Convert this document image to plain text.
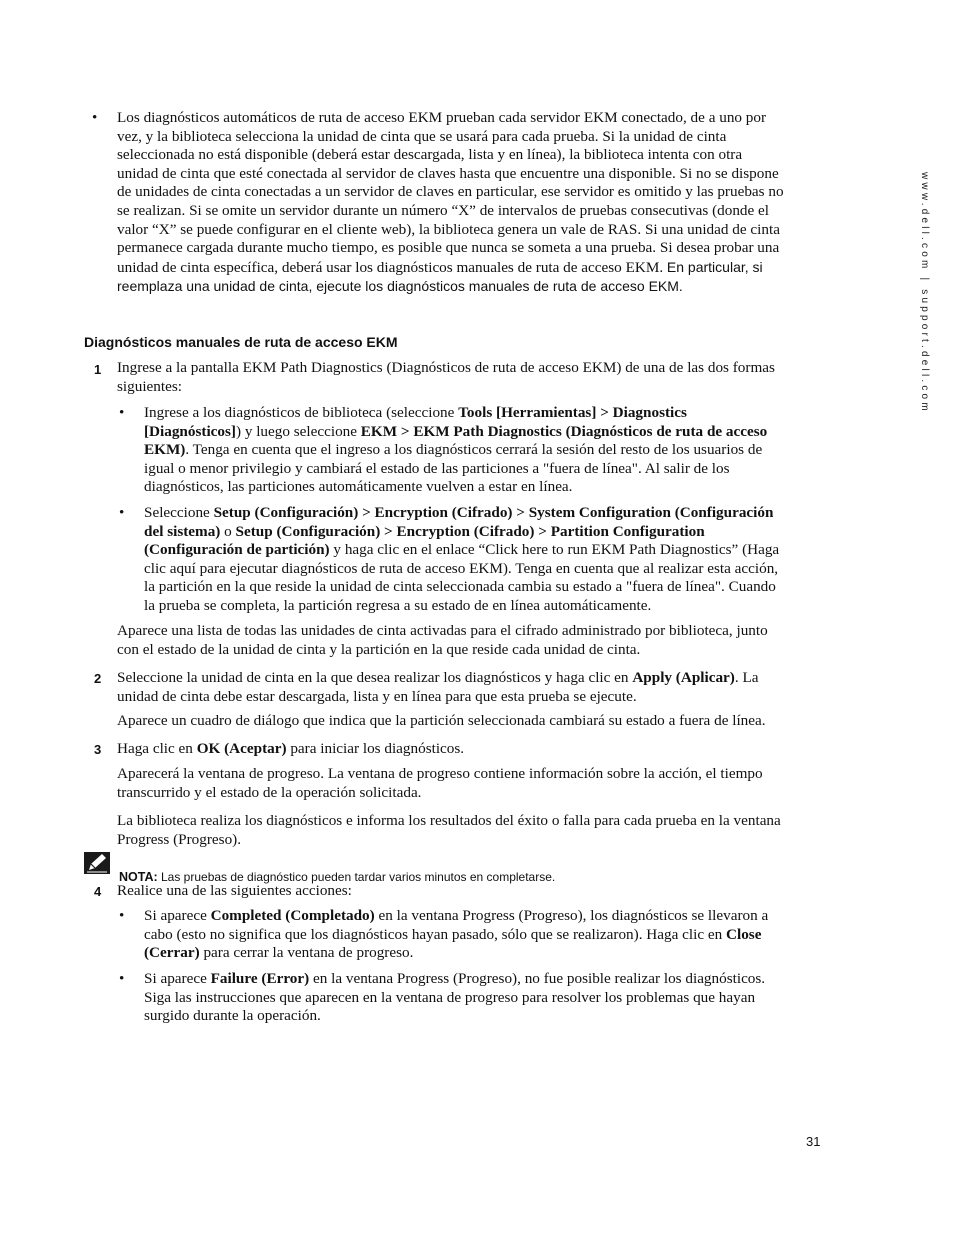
www.dell.com | support.dell.com
• Los diagnósticos automáticos de ruta de acceso EKM prueban cada servidor EKM conectado, de a uno por vez, y la biblioteca selecciona la unidad de cinta que se usará para cada prueba. Si la unidad de cinta seleccionada no está disponible (deberá estar descargada, lista y en línea), la biblioteca intenta con otra unidad de cinta que esté conectada al servidor de claves hasta que encuentre una disponible. Si no se dispone de unidades de cinta conectadas a un servidor de claves en particular, ese servidor es omitido y las pruebas no se realizan. Si se omite un servidor durante un número “X” de intervalos de pruebas consecutivas (donde el valor “X” se puede configurar en el cliente web), la biblioteca genera un vale de RAS. Si una unidad de cinta permanece cargada durante mucho tiempo, es posible que nunca se someta a una prueba. Si desea probar una unidad de cinta específica, deberá usar los diagnósticos manuales de ruta de acceso EKM. En particular, si reemplaza una unidad de cinta, ejecute los diagnósticos manuales de ruta de acceso EKM.

Diagnósticos manuales de ruta de acceso EKM
1 Ingrese a la pantalla EKM Path Diagnostics (Diagnósticos de ruta de acceso EKM) de una de las dos formas siguientes:

• Ingrese a los diagnósticos de biblioteca (seleccione Tools [Herramientas] > Diagnostics [Diagnósticos]) y luego seleccione EKM > EKM Path Diagnostics (Diagnósticos de ruta de acceso EKM). Tenga en cuenta que el ingreso a los diagnósticos cerrará la sesión del resto de los usuarios de igual o menor privilegio y cambiará el estado de las particiones a "fuera de línea". Al salir de los diagnósticos, las particiones automáticamente vuelven a estar en línea.

• Seleccione Setup (Configuración) > Encryption (Cifrado) > System Configuration (Configuración del sistema) o Setup (Configuración) > Encryption (Cifrado) > Partition Configuration (Configuración de partición) y haga clic en el enlace “Click here to run EKM Path Diagnostics” (Haga clic aquí para ejecutar diagnósticos de ruta de acceso EKM). Tenga en cuenta que al realizar esta acción, la partición en la que reside la unidad de cinta seleccionada cambia su estado a "fuera de línea". Cuando la prueba se completa, la partición regresa a su estado de en línea automáticamente.

Aparece una lista de todas las unidades de cinta activadas para el cifrado administrado por biblioteca, junto con el estado de la unidad de cinta y la partición en la que reside cada unidad de cinta.

2 Seleccione la unidad de cinta en la que desea realizar los diagnósticos y haga clic en Apply (Aplicar). La unidad de cinta debe estar descargada, lista y en línea para que esta prueba se ejecute.

Aparece un cuadro de diálogo que indica que la partición seleccionada cambiará su estado a fuera de línea.

3 Haga clic en OK (Aceptar) para iniciar los diagnósticos.

Aparecerá la ventana de progreso. La ventana de progreso contiene información sobre la acción, el tiempo transcurrido y el estado de la operación solicitada.

La biblioteca realiza los diagnósticos e informa los resultados del éxito o falla para cada prueba en la ventana Progress (Progreso).

NOTA: Las pruebas de diagnóstico pueden tardar varios minutos en completarse.

4 Realice una de las siguientes acciones:

• Si aparece Completed (Completado) en la ventana Progress (Progreso), los diagnósticos se llevaron a cabo (esto no significa que los diagnósticos hayan pasado, sólo que se realizaron). Haga clic en Close (Cerrar) para cerrar la ventana de progreso.

• Si aparece Failure (Error) en la ventana Progress (Progreso), no fue posible realizar los diagnósticos. Siga las instrucciones que aparecen en la ventana de progreso para resolver los problemas que hayan surgido durante la operación.

31
